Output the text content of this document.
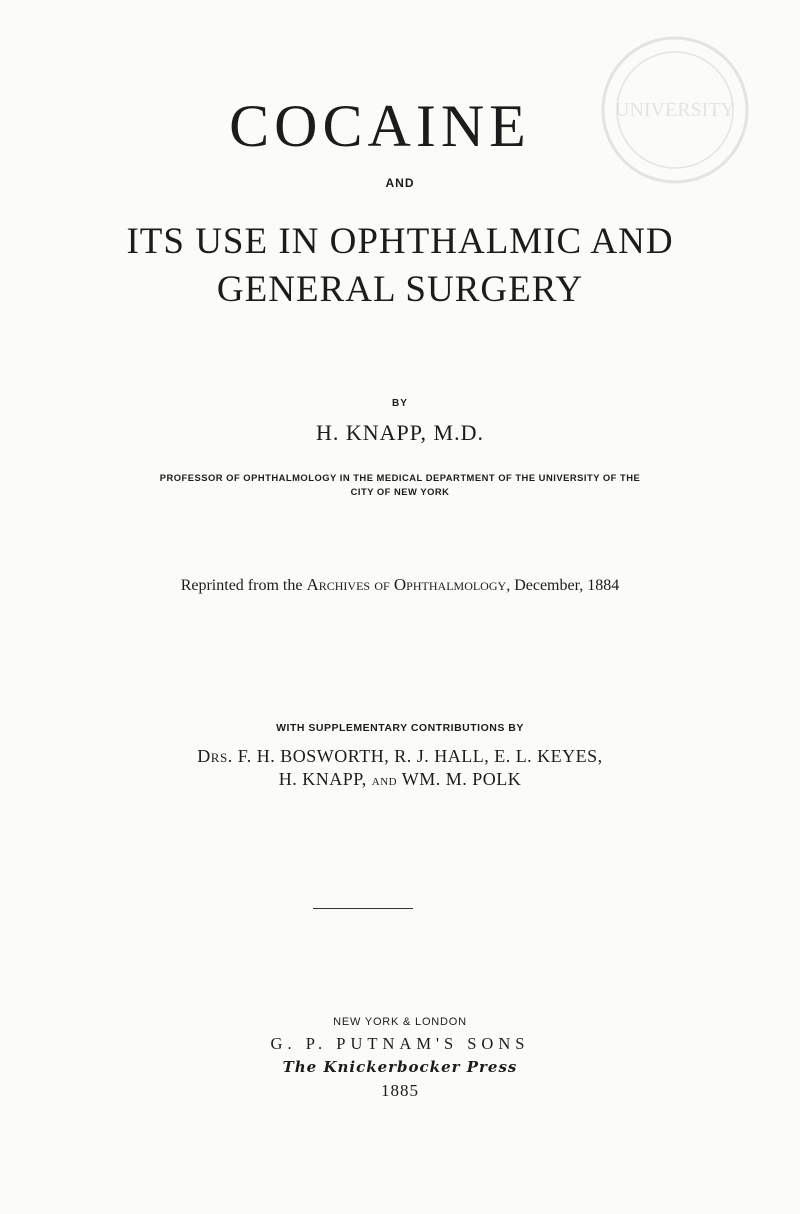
UNIVERSITY
COCAINE

AND

ITS USE IN OPHTHALMIC AND
GENERAL SURGERY

BY

H. KNAPP, M.D.

PROFESSOR OF OPHTHALMOLOGY IN THE MEDICAL DEPARTMENT OF THE UNIVERSITY OF THE

CITY OF NEW YORK

Reprinted from the Archives of Ophthalmology, December, 1884

WITH SUPPLEMENTARY CONTRIBUTIONS BY

Drs. F. H. BOSWORTH, R. J. HALL, E. L. KEYES,

H. KNAPP, and WM. M. POLK

NEW YORK & LONDON

G. P. PUTNAM'S SONS

The Knickerbocker Press

1885
